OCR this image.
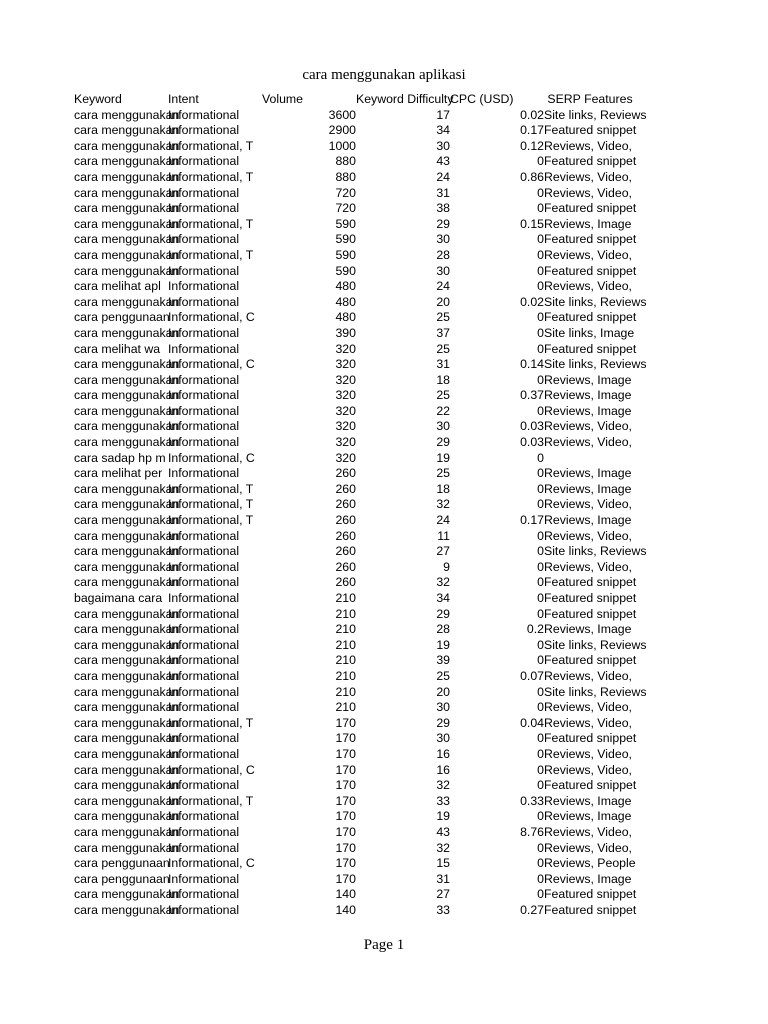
cara menggunakan aplikasi
Keyword	Intent	Volume	Keyword Difficulty	CPC (USD)	SERP Features
cara menggunakan	Informational	3600	17	0.02	Site links, Reviews
cara menggunakan	Informational	2900	34	0.17	Featured snippet
cara menggunakan	Informational, T	1000	30	0.12	Reviews, Video,
cara menggunakan	Informational	880	43	0	Featured snippet
cara menggunakan	Informational, T	880	24	0.86	Reviews, Video,
cara menggunakan	Informational	720	31	0	Reviews, Video,
cara menggunakan	Informational	720	38	0	Featured snippet
cara menggunakan	Informational, T	590	29	0.15	Reviews, Image
cara menggunakan	Informational	590	30	0	Featured snippet
cara menggunakan	Informational, T	590	28	0	Reviews, Video,
cara menggunakan	Informational	590	30	0	Featured snippet
cara melihat apl	Informational	480	24	0	Reviews, Video,
cara menggunakan	Informational	480	20	0.02	Site links, Reviews
cara penggunaan	Informational, C	480	25	0	Featured snippet
cara menggunakan	Informational	390	37	0	Site links, Image
cara melihat wa	Informational	320	25	0	Featured snippet
cara menggunakan	Informational, C	320	31	0.14	Site links, Reviews
cara menggunakan	Informational	320	18	0	Reviews, Image
cara menggunakan	Informational	320	25	0.37	Reviews, Image
cara menggunakan	Informational	320	22	0	Reviews, Image
cara menggunakan	Informational	320	30	0.03	Reviews, Video,
cara menggunakan	Informational	320	29	0.03	Reviews, Video,
cara sadap hp m	Informational, C	320	19	0	
cara melihat per	Informational	260	25	0	Reviews, Image
cara menggunakan	Informational, T	260	18	0	Reviews, Image
cara menggunakan	Informational, T	260	32	0	Reviews, Video,
cara menggunakan	Informational, T	260	24	0.17	Reviews, Image
cara menggunakan	Informational	260	11	0	Reviews, Video,
cara menggunakan	Informational	260	27	0	Site links, Reviews
cara menggunakan	Informational	260	9	0	Reviews, Video,
cara menggunakan	Informational	260	32	0	Featured snippet
bagaimana cara	Informational	210	34	0	Featured snippet
cara menggunakan	Informational	210	29	0	Featured snippet
cara menggunakan	Informational	210	28	0.2	Reviews, Image
cara menggunakan	Informational	210	19	0	Site links, Reviews
cara menggunakan	Informational	210	39	0	Featured snippet
cara menggunakan	Informational	210	25	0.07	Reviews, Video,
cara menggunakan	Informational	210	20	0	Site links, Reviews
cara menggunakan	Informational	210	30	0	Reviews, Video,
cara menggunakan	Informational, T	170	29	0.04	Reviews, Video,
cara menggunakan	Informational	170	30	0	Featured snippet
cara menggunakan	Informational	170	16	0	Reviews, Video,
cara menggunakan	Informational, C	170	16	0	Reviews, Video,
cara menggunakan	Informational	170	32	0	Featured snippet
cara menggunakan	Informational, T	170	33	0.33	Reviews, Image
cara menggunakan	Informational	170	19	0	Reviews, Image
cara menggunakan	Informational	170	43	8.76	Reviews, Video,
cara menggunakan	Informational	170	32	0	Reviews, Video,
cara penggunaan	Informational, C	170	15	0	Reviews, People
cara penggunaan	Informational	170	31	0	Reviews, Image
cara menggunakan	Informational	140	27	0	Featured snippet
cara menggunakan	Informational	140	33	0.27	Featured snippet
Page 1
